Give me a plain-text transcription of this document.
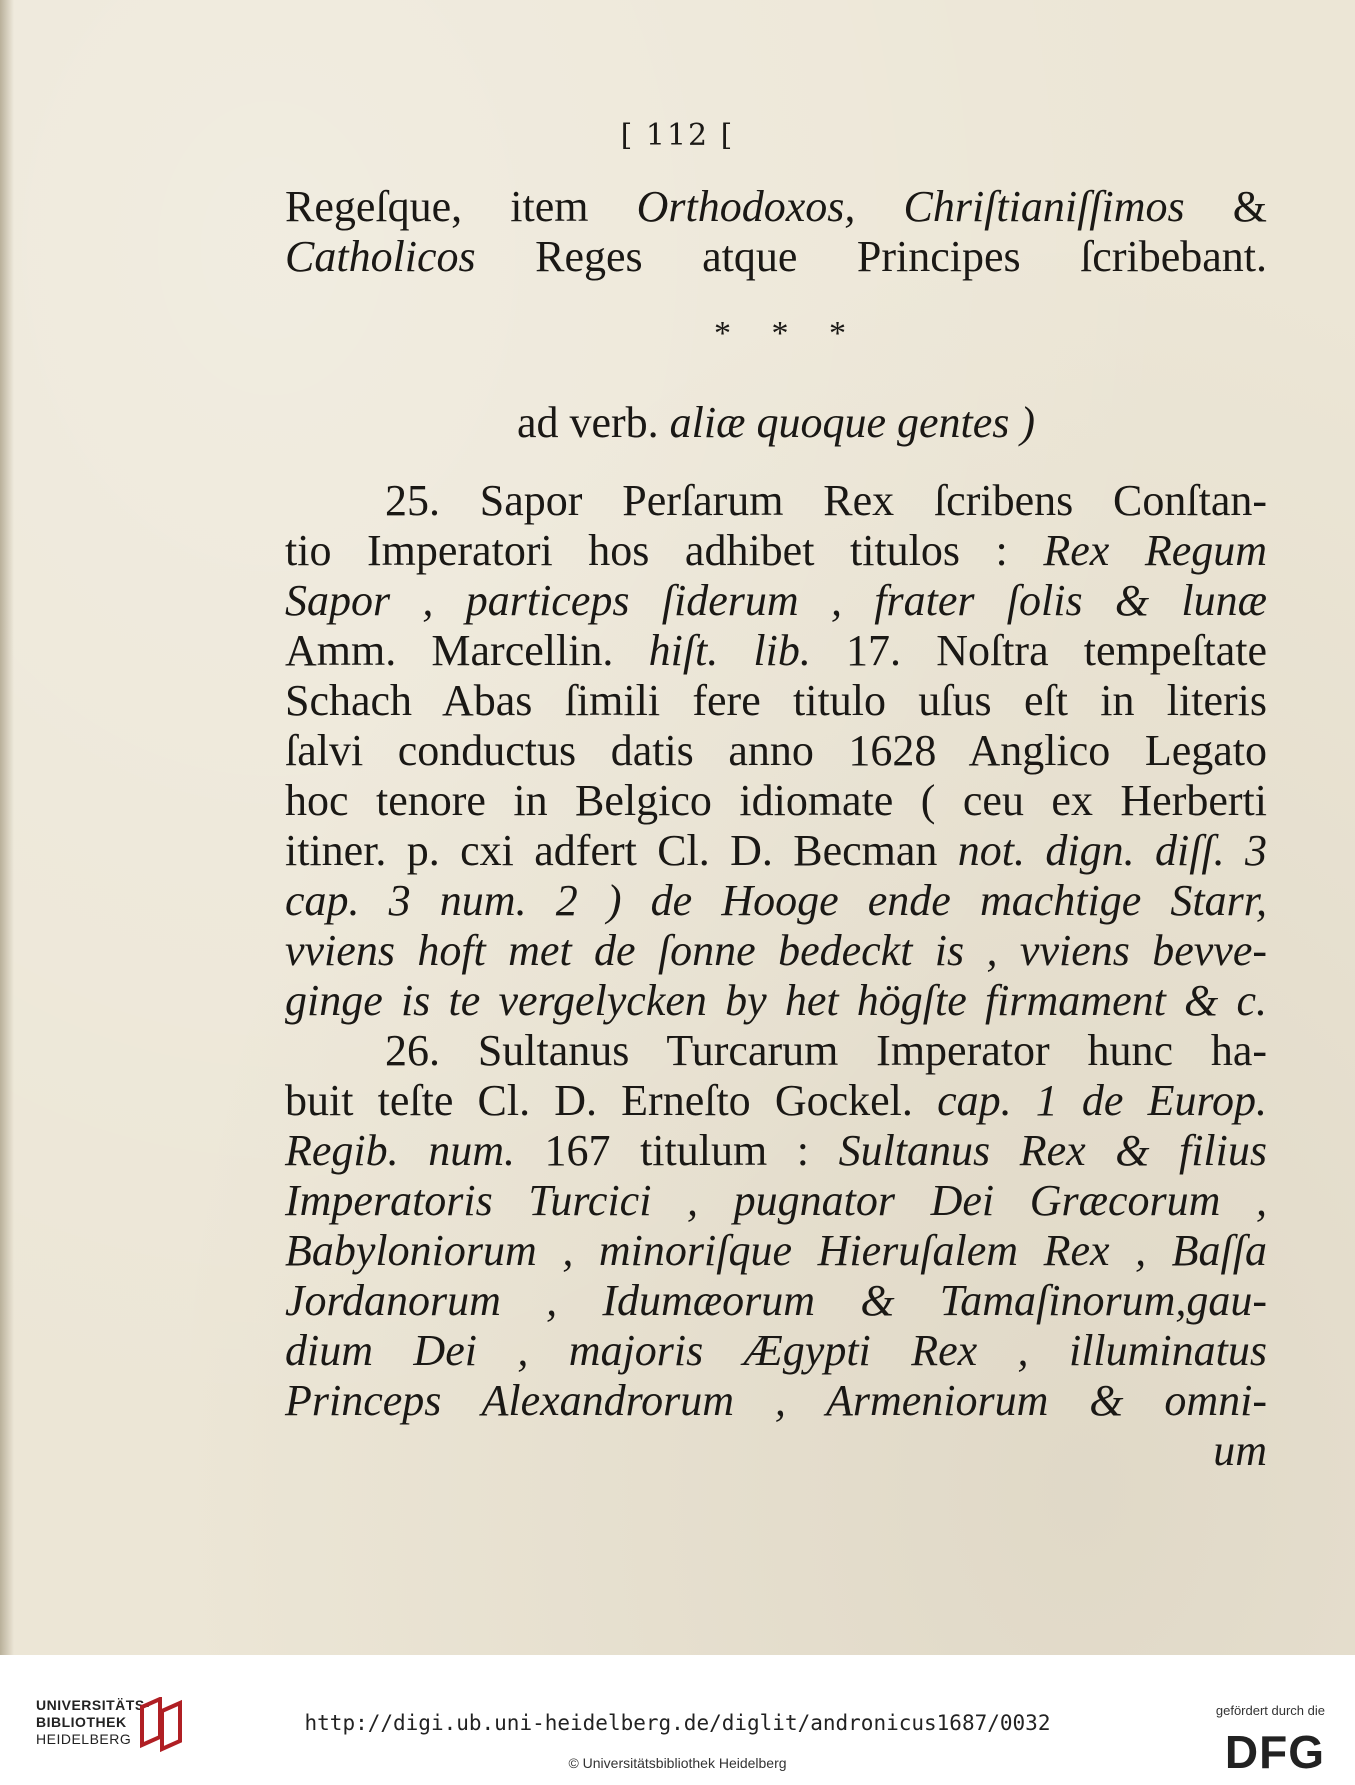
[ 112 [
Regeſque, item Orthodoxos, Chriſtianiſſimos &
Catholicos Reges atque Principes ſcribebant.
* * *
ad verb. aliæ quoque gentes )
25. Sapor Perſarum Rex ſcribens Conſtan-
tio Imperatori hos adhibet titulos : Rex Regum
Sapor , particeps ſiderum , frater ſolis & lunæ
Amm. Marcellin. hiſt. lib. 17. Noſtra tempeſtate
Schach Abas ſimili fere titulo uſus eſt in literis
ſalvi conductus datis anno 1628 Anglico Legato
hoc tenore in Belgico idiomate ( ceu ex Herberti
itiner. p. cxi adfert Cl. D. Becman not. dign. diſſ. 3
cap. 3 num. 2 ) de Hooge ende machtige Starr,
vviens hoft met de ſonne bedeckt is , vviens bevve-
ginge is te vergelycken by het högſte firmament & c.
26. Sultanus Turcarum Imperator hunc ha-
buit teſte Cl. D. Erneſto Gockel. cap. 1 de Europ.
Regib. num. 167 titulum : Sultanus Rex & filius
Imperatoris Turcici , pugnator Dei Græcorum ,
Babyloniorum , minoriſque Hieruſalem Rex , Baſſa
Jordanorum , Idumæorum & Tamaſinorum,gau-
dium Dei , majoris Ægypti Rex , illuminatus
Princeps Alexandrorum , Armeniorum & omni-
um
UNIVERSITÄTS-
BIBLIOTHEK
HEIDELBERG
http://digi.ub.uni-heidelberg.de/diglit/andronicus1687/0032
© Universitätsbibliothek Heidelberg
gefördert durch die
DFG
